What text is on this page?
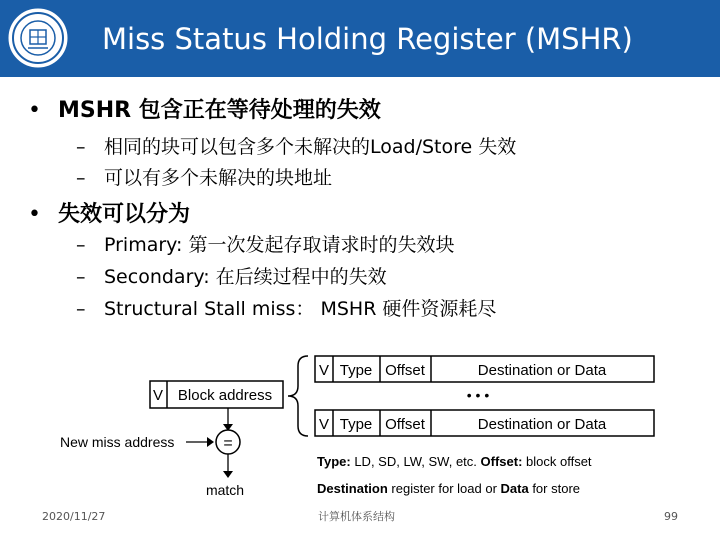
Miss Status Holding Register (MSHR)
• MSHR 包含正在等待处理的失效
– 相同的块可以包含多个未解决的Load/Store 失效
– 可以有多个未解决的块地址
• 失效可以分为
– Primary: 第一次发起存取请求时的失效块
– Secondary: 在后续过程中的失效
– Structural Stall miss： MSHR 硬件资源耗尽
V Block address
New miss address	=
match
V Type Offset	Destination or Data
• • •
V Type Offset	Destination or Data
Type: LD, SD, LW, SW, etc. Offset: block offset
Destination register for load or Data for store
2020/11/27	计算机体系结构	99
